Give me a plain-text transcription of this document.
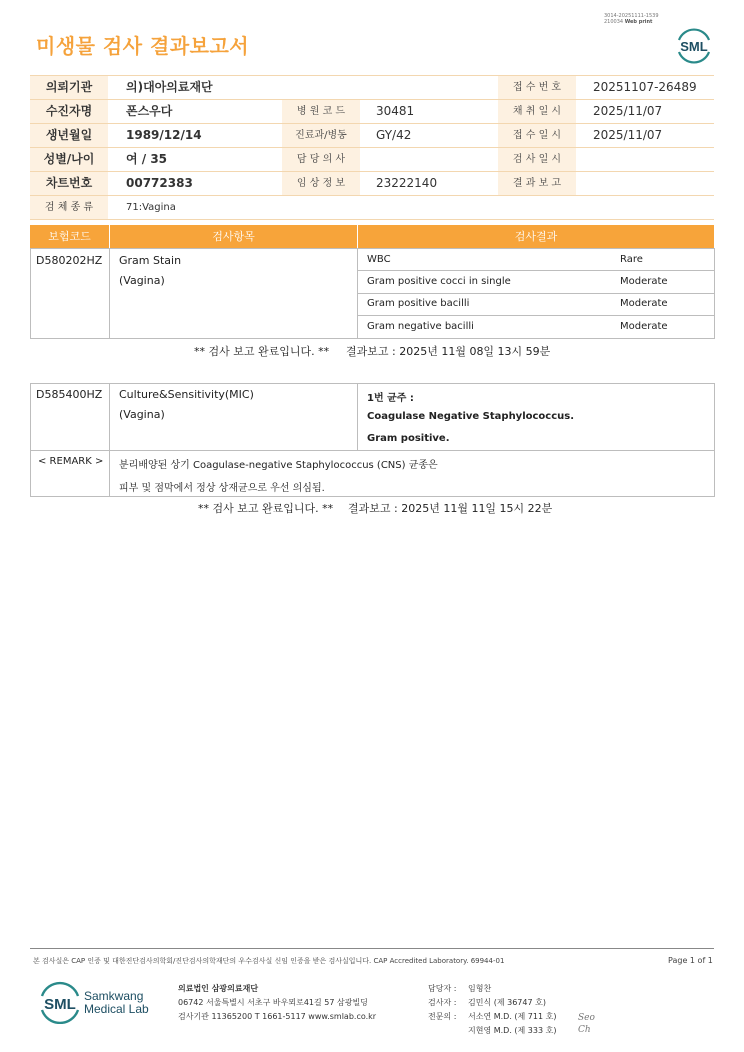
미생물 검사 결과보고서
3014-20251111-1539
210034 Web print
SML
의뢰기관	의)대아의료재단	접 수 번 호	20251107-26489
수진자명	폰스우다	병 원 코 드	30481	채 취 일 시	2025/11/07
생년월일	1989/12/14	진료과/병동	GY/42	접 수 일 시	2025/11/07
성별/나이	여 / 35	담 당 의 사	검 사 일 시
차트번호	00772383	임 상 정 보	23222140	결 과 보 고
검 체 종 류	71:Vagina
보험코드	검사항목	검사결과
D580202HZ Gram Stain
(Vagina)
WBC	Rare
Gram positive cocci in single	Moderate
Gram positive bacilli	Moderate
Gram negative bacilli	Moderate
** 검사 보고 완료입니다. ** 결과보고 : 2025년 11월 08일 13시 59분
D585400HZ Culture&Sensitivity(MIC)
(Vagina)
1번 균주 :
Coagulase Negative Staphylococcus.
Gram positive.
< REMARK > 분리배양된 상기 Coagulase-negative Staphylococcus (CNS) 균종은
피부 및 점막에서 정상 상재균으로 우선 의심됨.
** 검사 보고 완료입니다. ** 결과보고 : 2025년 11월 11일 15시 22분
본 검사실은 CAP 인증 및 대한진단검사의학회/진단검사의학재단의 우수검사실 신임 인증을 받은 검사실입니다. CAP Accredited Laboratory. 69944-01	Page 1 of 1
SML Samkwang
Medical Lab
의료법인 삼광의료재단
06742 서울특별시 서초구 바우뫼로41길 57 삼광빌딩
검사기관 11365200 T 1661-5117 www.smlab.co.kr
담당자 : 임형찬
검사자 : 김민식 (제 36747 호)
전문의 : 서소연 M.D. (제 711 호)
지현영 M.D. (제 333 호)
Seo
Ch
